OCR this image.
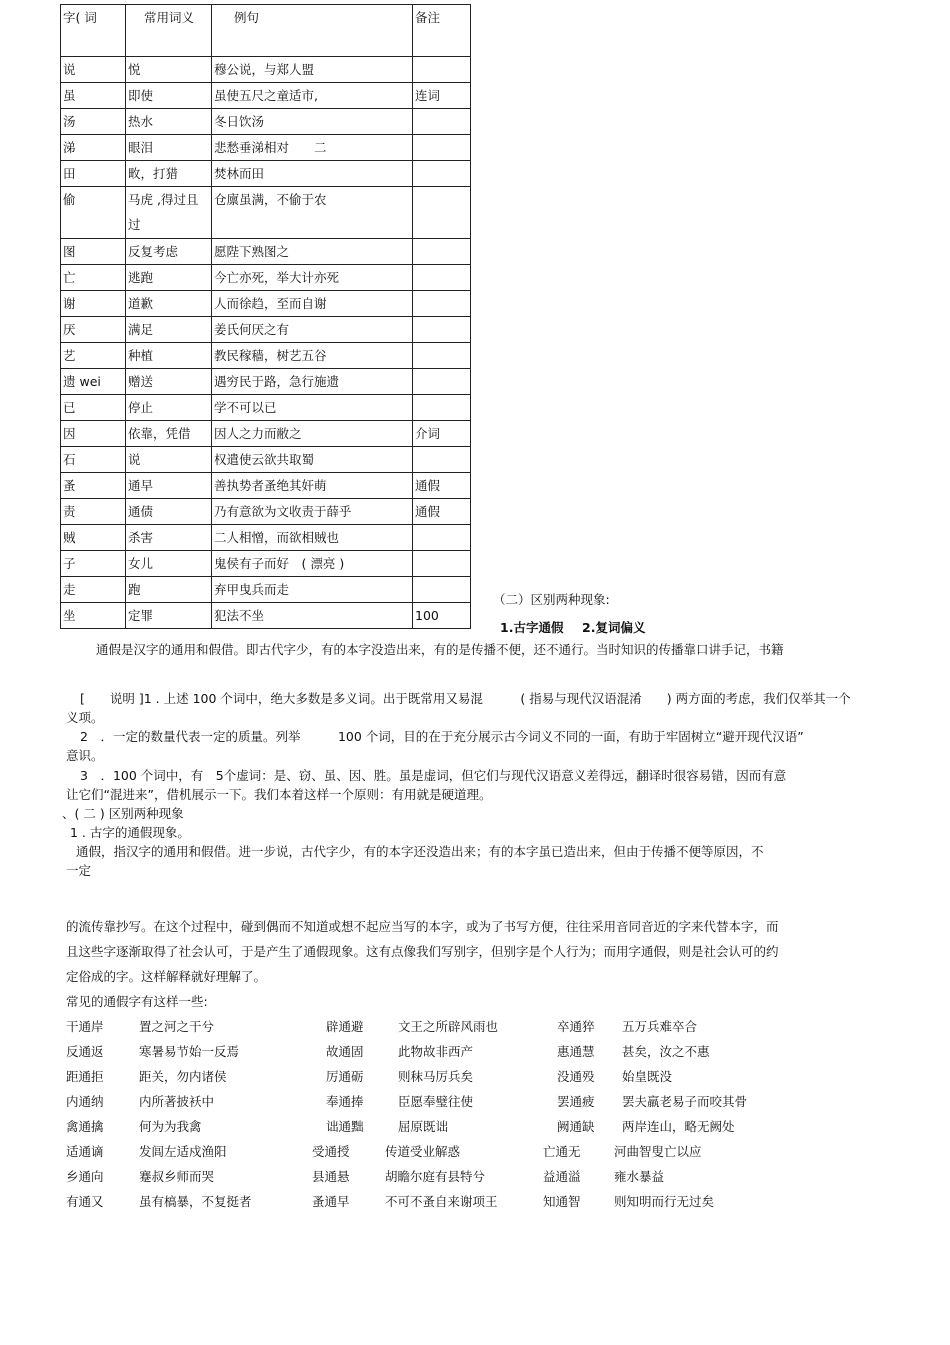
字( 词	常用词义	例句	备注
说	悦	穆公说，与郑人盟	
虽	即使	虽使五尺之童适市,	连词
汤	热水	冬日饮汤	
涕	眼泪	悲愁垂涕相对　　二	
田	畋，打猎	焚林而田	
偷	马虎 ,得过且过	仓廪虽满，不偷于农	
图	反复考虑	愿陛下熟图之	
亡	逃跑	今亡亦死，举大计亦死	
谢	道歉	人而徐趋，至而自谢	
厌	满足	姜氏何厌之有	
艺	种植	教民稼穑，树艺五谷	
遗 wei	赠送	遇穷民于路，急行施遗	
已	停止	学不可以已	
因	依靠，凭借	因人之力而敝之	介词
石	说	权遣使云欲共取蜀	
蚤	通早	善执势者蚤绝其奸萌	通假
责	通债	乃有意欲为文收责于薛乎	通假
贼	杀害	二人相憎，而欲相贼也	
子	女儿	鬼侯有子而好　( 漂亮 )	
走	跑	弃甲曳兵而走	
坐	定罪	犯法不坐	100
（二）区别两种现象:
1.古字通假 2.复词偏义
通假是汉字的通用和假借。即古代字少，有的本字没造出来，有的是传播不便，还不通行。当时知识的传播靠口讲手记，书籍
[　　说明 ]1 . 上述 100 个词中，绝大多数是多义词。出于既常用又易混　　　( 指易与现代汉语混淆　　) 两方面的考虑，我们仅举其一个
义项。
2　．一定的数量代表一定的质量。列举　　　100 个词，目的在于充分展示古今词义不同的一面，有助于牢固树立“避开现代汉语”
意识。
3　．100 个词中，有　5个虚词：是、窃、虽、因、胜。虽是虚词，但它们与现代汉语意义差得远，翻译时很容易错，因而有意
让它们“混进来”，借机展示一下。我们本着这样一个原则：有用就是硬道理。
、( 二 ) 区别两种现象
1 . 古字的通假现象。
通假，指汉字的通用和假借。进一步说，古代字少，有的本字还没造出来；有的本字虽已造出来，但由于传播不便等原因，不
一定
的流传靠抄写。在这个过程中，碰到偶而不知道或想不起应当写的本字，或为了书写方便，往往采用音同音近的字来代替本字，而
且这些字逐渐取得了社会认可，于是产生了通假现象。这有点像我们写别字，但别字是个人行为；而用字通假，则是社会认可的约
定俗成的字。这样解释就好理解了。
常见的通假字有这样一些:
干通岸	置之河之干兮	辟通避	文王之所辟风雨也	卒通猝 五万兵难卒合
反通返	寒暑易节始一反焉	故通固	此物故非西产	惠通慧 甚矣，汝之不惠
距通拒	距关，勿内诸侯	厉通砺	则秣马厉兵矣	没通殁 始皇既没
内通纳	内所著披袄中	奉通捧	臣愿奉璧往使	罢通疲 罢夫羸老易子而咬其骨
禽通擒	何为为我禽	诎通黜	屈原既诎	阙通缺 两岸连山，略无阙处
适通谪	发闾左适戍渔阳	受通授	传道受业解惑	亡通无	河曲智叟亡以应
乡通向	蹇叔乡师而哭	县通悬	胡瞻尔庭有县特兮	益通溢	雍水暴益
有通又	虽有槁暴，不复挺者	蚤通早	不可不蚤自来谢项王	知通智	则知明而行无过矣
